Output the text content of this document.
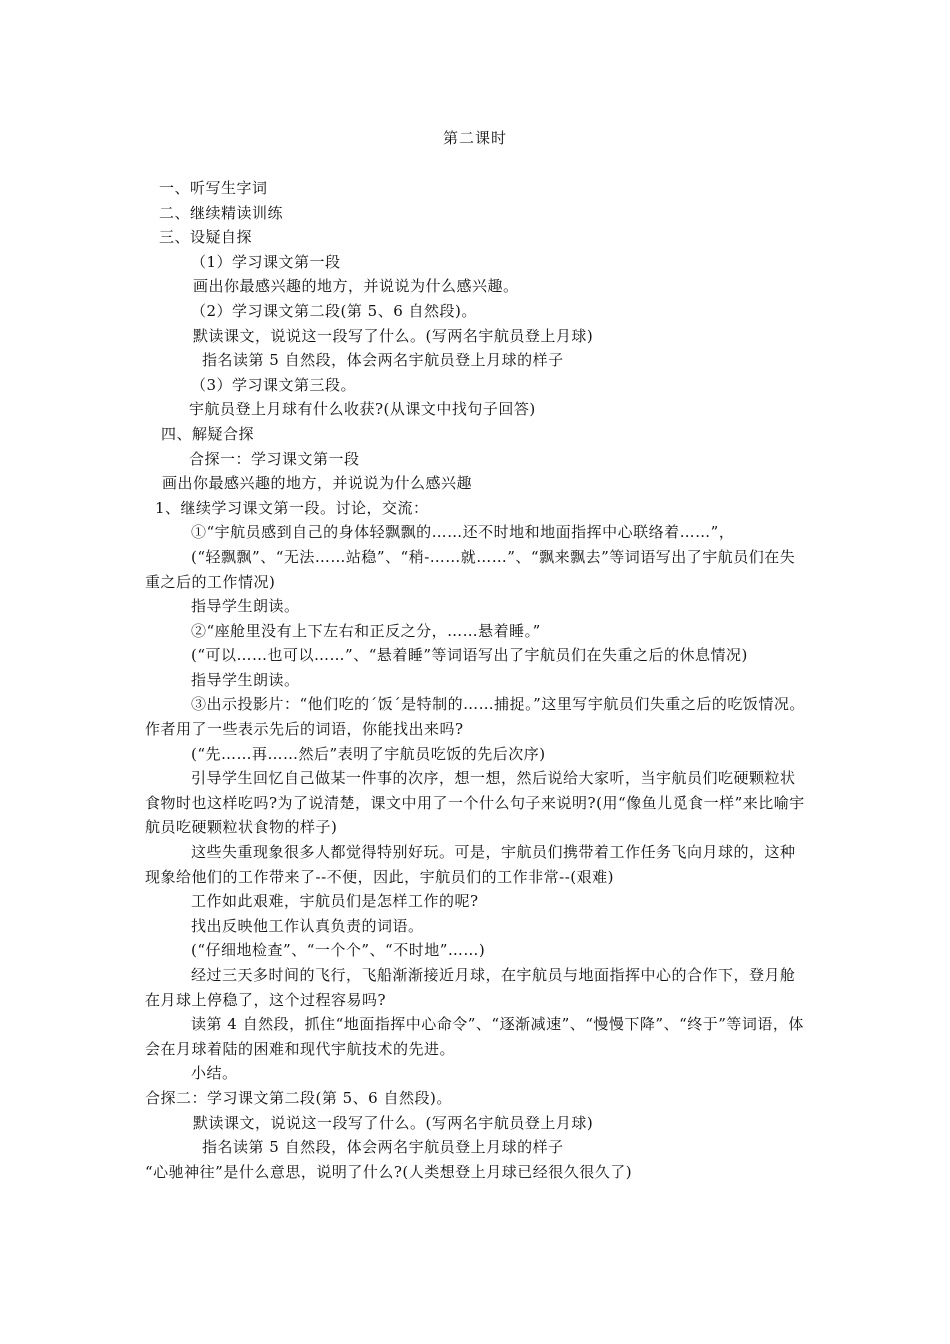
第二课时

一、听写生字词

二、继续精读训练

三、设疑自探

（1）学习课文第一段

画出你最感兴趣的地方，并说说为什么感兴趣。

（2）学习课文第二段(第 5、6 自然段)。

默读课文，说说这一段写了什么。(写两名宇航员登上月球)

指名读第 5 自然段，体会两名宇航员登上月球的样子

（3）学习课文第三段。

宇航员登上月球有什么收获?(从课文中找句子回答)

四、解疑合探

合探一：学习课文第一段

画出你最感兴趣的地方，并说说为什么感兴趣

1、继续学习课文第一段。讨论，交流：

①“宇航员感到自己的身体轻飘飘的……还不时地和地面指挥中心联络着……”，

(“轻飘飘”、“无法……站稳”、“稍-……就……”、“飘来飘去”等词语写出了宇航员们在失重之后的工作情况)

指导学生朗读。

②“座舱里没有上下左右和正反之分，……悬着睡。”

(“可以……也可以……”、“悬着睡”等词语写出了宇航员们在失重之后的休息情况)

指导学生朗读。

③出示投影片：“他们吃的´饭´是特制的……捕捉。”这里写宇航员们失重之后的吃饭情况。作者用了一些表示先后的词语，你能找出来吗?

(“先……再……然后”表明了宇航员吃饭的先后次序)

引导学生回忆自己做某一件事的次序，想一想，然后说给大家听，当宇航员们吃硬颗粒状食物时也这样吃吗?为了说清楚，课文中用了一个什么句子来说明?(用“像鱼儿觅食一样”来比喻宇航员吃硬颗粒状食物的样子)

这些失重现象很多人都觉得特别好玩。可是，宇航员们携带着工作任务飞向月球的，这种现象给他们的工作带来了--不便，因此，宇航员们的工作非常--(艰难)

工作如此艰难，宇航员们是怎样工作的呢?

找出反映他工作认真负责的词语。

(“仔细地检查”、“一个个”、“不时地”……)

经过三天多时间的飞行，飞船渐渐接近月球，在宇航员与地面指挥中心的合作下，登月舱在月球上停稳了，这个过程容易吗?

读第 4 自然段，抓住“地面指挥中心命令”、“逐渐减速”、“慢慢下降”、“终于”等词语，体会在月球着陆的困难和现代宇航技术的先进。

小结。

合探二：学习课文第二段(第 5、6 自然段)。

默读课文，说说这一段写了什么。(写两名宇航员登上月球)

指名读第 5 自然段，体会两名宇航员登上月球的样子

“心驰神往”是什么意思，说明了什么?(人类想登上月球已经很久很久了)
